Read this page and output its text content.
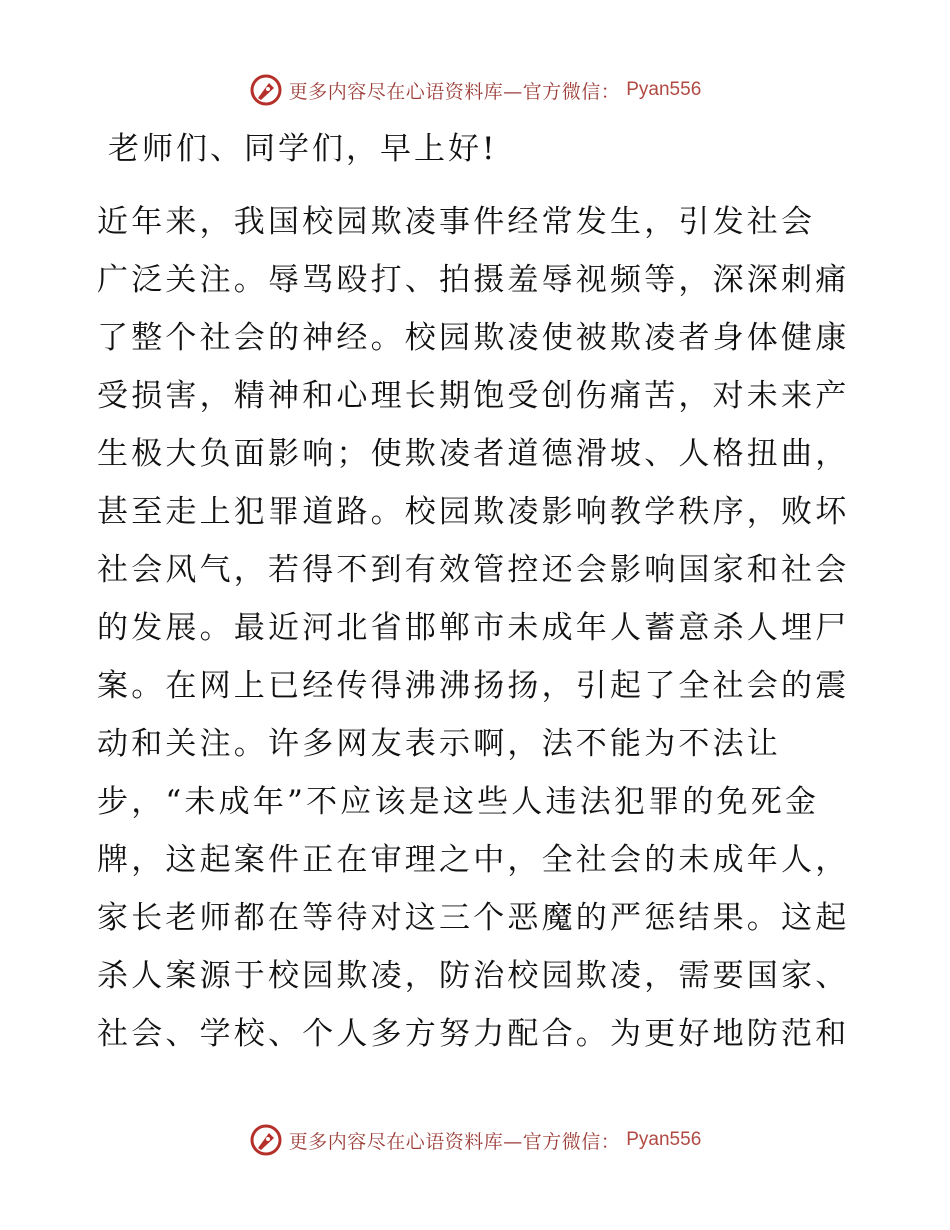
更多内容尽在心语资料库—官方微信： Pyan556
老师们、同学们，早上好!
近年来，我国校园欺凌事件经常发生，引发社会
广泛关注。辱骂殴打、拍摄羞辱视频等，深深刺痛
了整个社会的神经。校园欺凌使被欺凌者身体健康
受损害，精神和心理长期饱受创伤痛苦，对未来产
生极大负面影响；使欺凌者道德滑坡、人格扭曲，
甚至走上犯罪道路。校园欺凌影响教学秩序，败坏
社会风气，若得不到有效管控还会影响国家和社会
的发展。最近河北省邯郸市未成年人蓄意杀人埋尸
案。在网上已经传得沸沸扬扬，引起了全社会的震
动和关注。许多网友表示啊，法不能为不法让
步，“未成年”不应该是这些人违法犯罪的免死金
牌，这起案件正在审理之中，全社会的未成年人，
家长老师都在等待对这三个恶魔的严惩结果。这起
杀人案源于校园欺凌，防治校园欺凌，需要国家、
社会、学校、个人多方努力配合。为更好地防范和
更多内容尽在心语资料库—官方微信： Pyan556
